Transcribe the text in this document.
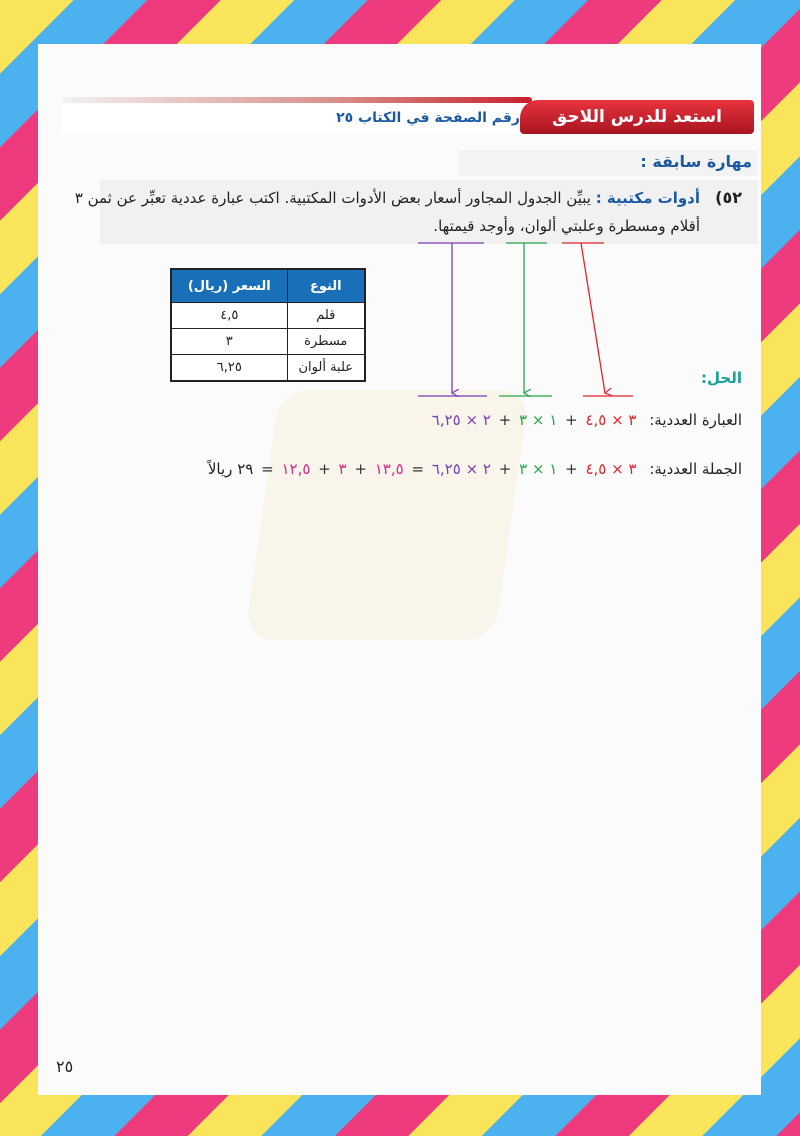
استعد للدرس اللاحق
رقم الصفحة في الكتاب ٢٥
مهارة سابقة :
٥٢)
أدوات مكتبية : يبيِّن الجدول المجاور أسعار بعض الأدوات المكتبية. اكتب عبارة عددية تعبِّر عن ثمن ٣ أقلام ومسطرة وعلبتي ألوان، وأوجد قيمتها.
النوع	السعر (ريال)
قلم	٤,٥
مسطرة	٣
علبة ألوان	٦,٢٥
الحل:
العبارة العددية: ٣ × ٤,٥ + ١ × ٣ + ٢ × ٦,٢٥
الجملة العددية: ٣ × ٤,٥ + ١ × ٣ + ٢ × ٦,٢٥ = ١٣,٥ + ٣ + ١٢,٥ = ٢٩ ريالاً
٢٥
